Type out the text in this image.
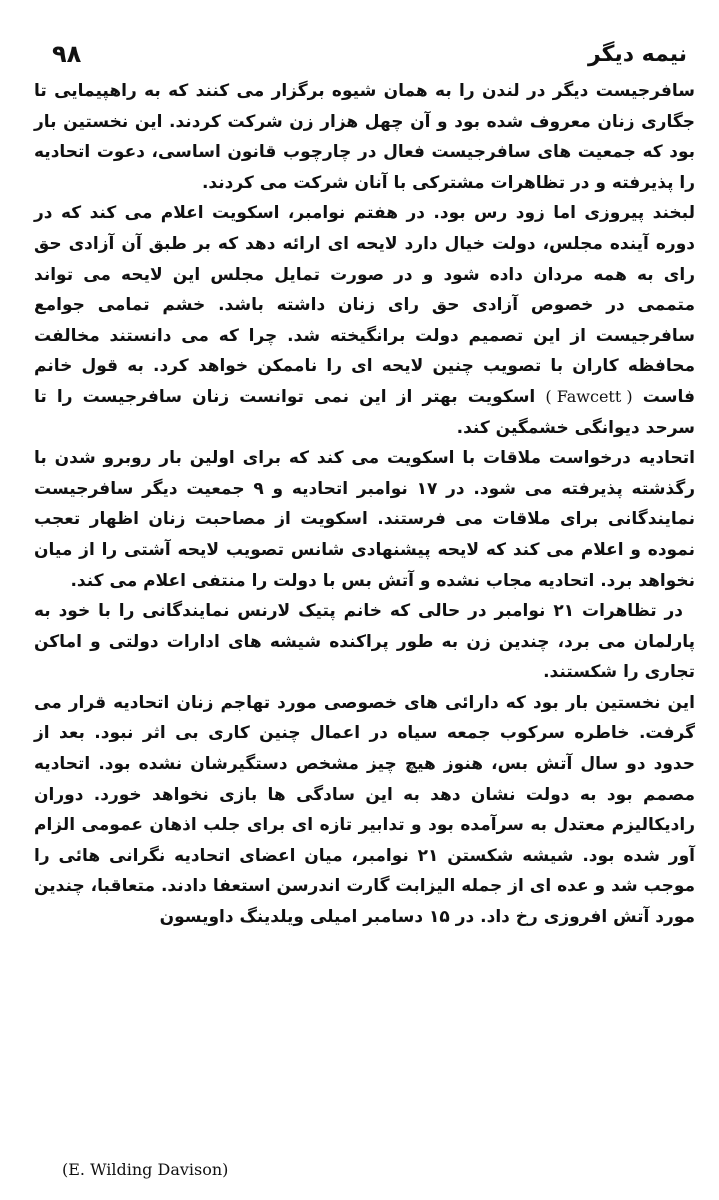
۹۸	نیمه دیگر

سافرجیست دیگر در لندن را به همان شیوه برگزار می کنند که به راهپیمایی تا جگاری زنان معروف شده بود و آن چهل هزار زن شرکت کردند. این نخستین بار بود که جمعیت های سافرجیست فعال در چارچوب قانون اساسی، دعوت اتحادیه را پذیرفته و در تظاهرات مشترکی با آنان شرکت می کردند.

لبخند پیروزی اما زود رس بود. در هفتم نوامبر، اسکویت اعلام می کند که در دوره آینده مجلس، دولت خیال دارد لایحه ای ارائه دهد که بر طبق آن آزادی حق رای به همه مردان داده شود و در صورت تمایل مجلس این لایحه می تواند متممی در خصوص آزادی حق رای زنان داشته باشد. خشم تمامی جوامع سافرجیست از این تصمیم دولت برانگیخته شد. چرا که می دانستند مخالفت محافظه کاران با تصویب چنین لایحه ای را ناممکن خواهد کرد. به قول خانم فاست ( Fawcett ) اسکویت بهتر از این نمی توانست زنان سافرجیست را تا سرحد دیوانگی خشمگین کند.

اتحادیه درخواست ملاقات با اسکویت می کند که برای اولین بار روبرو شدن با رگذشته پذیرفته می شود. در ۱۷ نوامبر اتحادیه و ۹ جمعیت دیگر سافرجیست نمایندگانی برای ملاقات می فرستند. اسکویت از مصاحبت زنان اظهار تعجب نموده و اعلام می کند که لایحه پیشنهادی شانس تصویب لایحه آشتی را از میان نخواهد برد. اتحادیه مجاب نشده و آتش بس با دولت را منتفی اعلام می کند.

در تظاهرات ۲۱ نوامبر در حالی که خانم پتیک لارنس نمایندگانی را با خود به پارلمان می برد، چندین زن به طور پراکنده شیشه های ادارات دولتی و اماکن تجاری را شکستند.

این نخستین بار بود که دارائی های خصوصی مورد تهاجم زنان اتحادیه قرار می گرفت. خاطره سرکوب جمعه سیاه در اعمال چنین کاری بی اثر نبود. بعد از حدود دو سال آتش بس، هنوز هیچ چیز مشخص دستگیرشان نشده بود. اتحادیه مصمم بود به دولت نشان دهد به این سادگی ها بازی نخواهد خورد. دوران رادیکالیزم معتدل به سرآمده بود و تدابیر تازه ای برای جلب اذهان عمومی الزام آور شده بود. شیشه شکستن ۲۱ نوامبر، میان اعضای اتحادیه نگرانی هائی را موجب شد و عده ای از جمله الیزابت گارت اندرسن استعفا دادند. متعاقبا، چندین مورد آتش افروزی رخ داد. در ۱۵ دسامبر امیلی ویلدینگ داویسون

(E. Wilding Davison)
